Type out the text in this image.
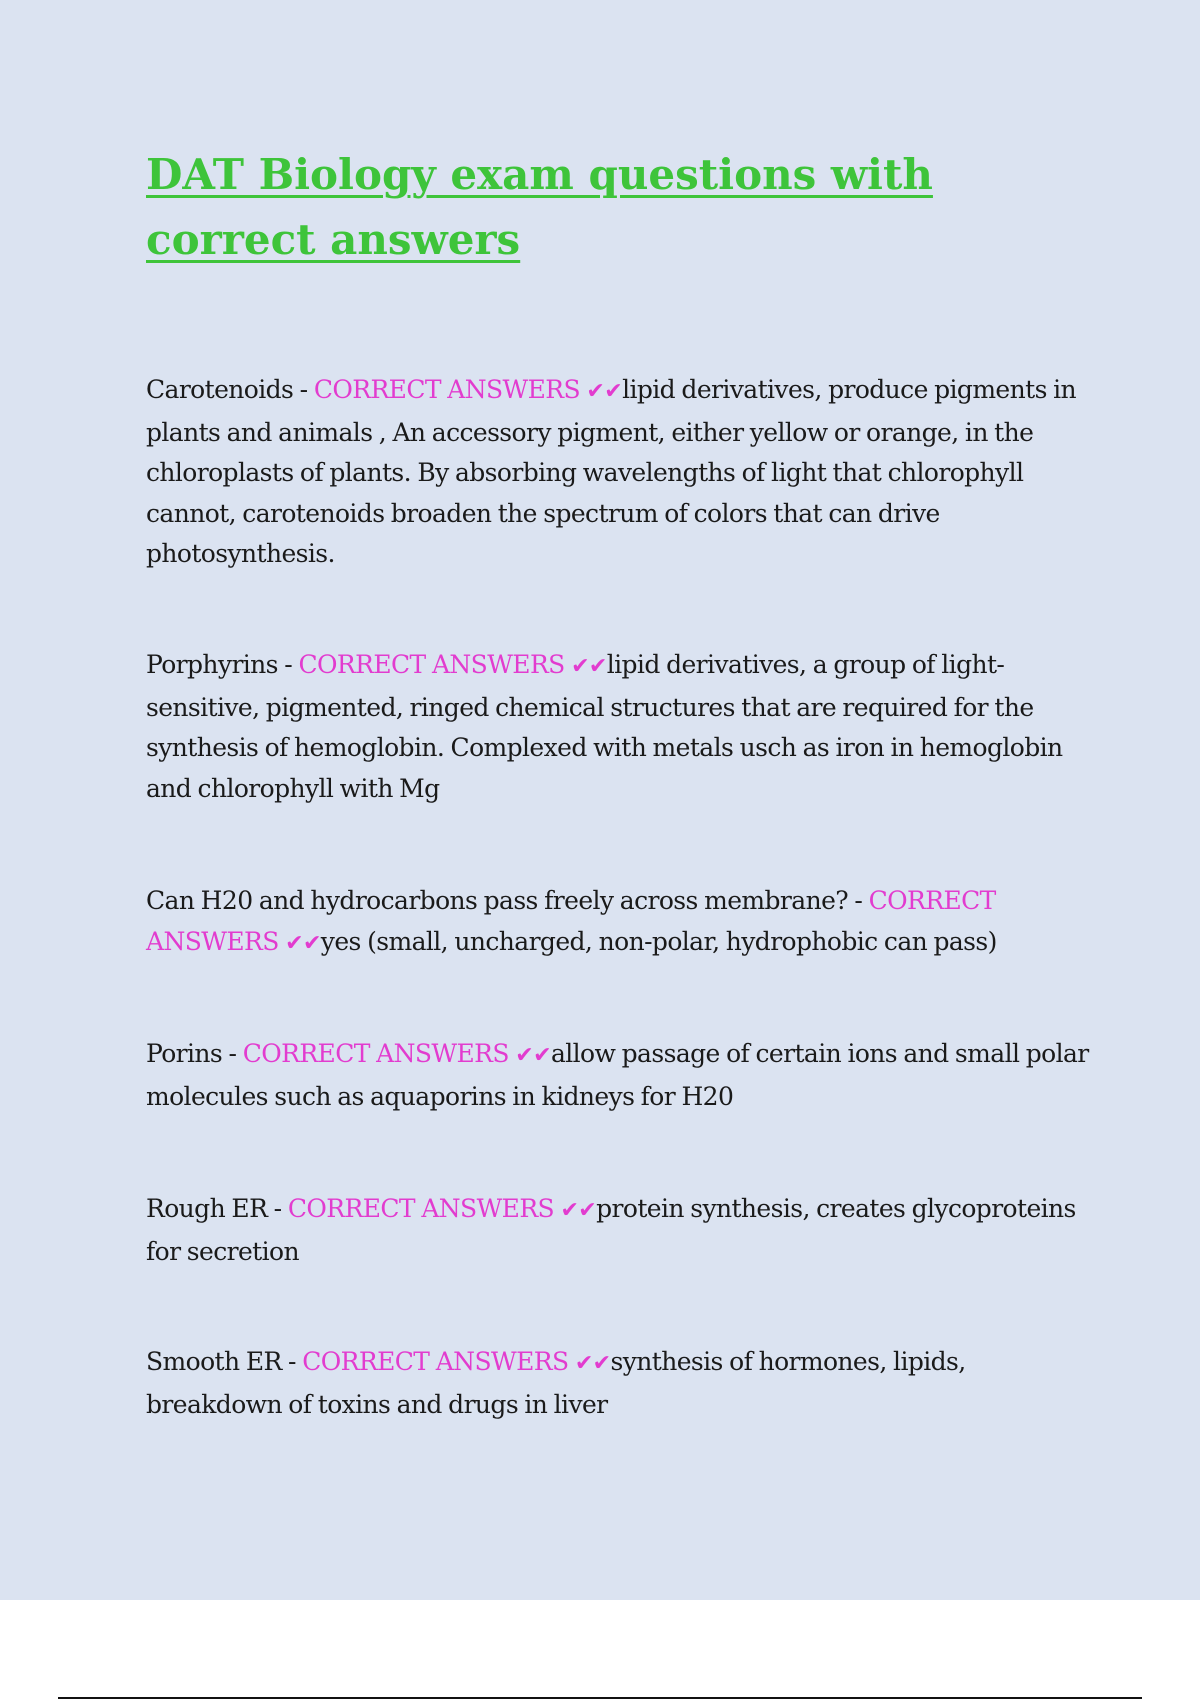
DAT Biology exam questions with correct answers

Carotenoids - CORRECT ANSWERS ✔✔lipid derivatives, produce pigments in plants and animals , An accessory pigment, either yellow or orange, in the chloroplasts of plants. By absorbing wavelengths of light that chlorophyll cannot, carotenoids broaden the spectrum of colors that can drive photosynthesis.

Porphyrins - CORRECT ANSWERS ✔✔lipid derivatives, a group of light-sensitive, pigmented, ringed chemical structures that are required for the synthesis of hemoglobin. Complexed with metals usch as iron in hemoglobin and chlorophyll with Mg

Can H20 and hydrocarbons pass freely across membrane? - CORRECT ANSWERS ✔✔yes (small, uncharged, non-polar, hydrophobic can pass)

Porins - CORRECT ANSWERS ✔✔allow passage of certain ions and small polar molecules such as aquaporins in kidneys for H20

Rough ER - CORRECT ANSWERS ✔✔protein synthesis, creates glycoproteins for secretion

Smooth ER - CORRECT ANSWERS ✔✔synthesis of hormones, lipids, breakdown of toxins and drugs in liver
